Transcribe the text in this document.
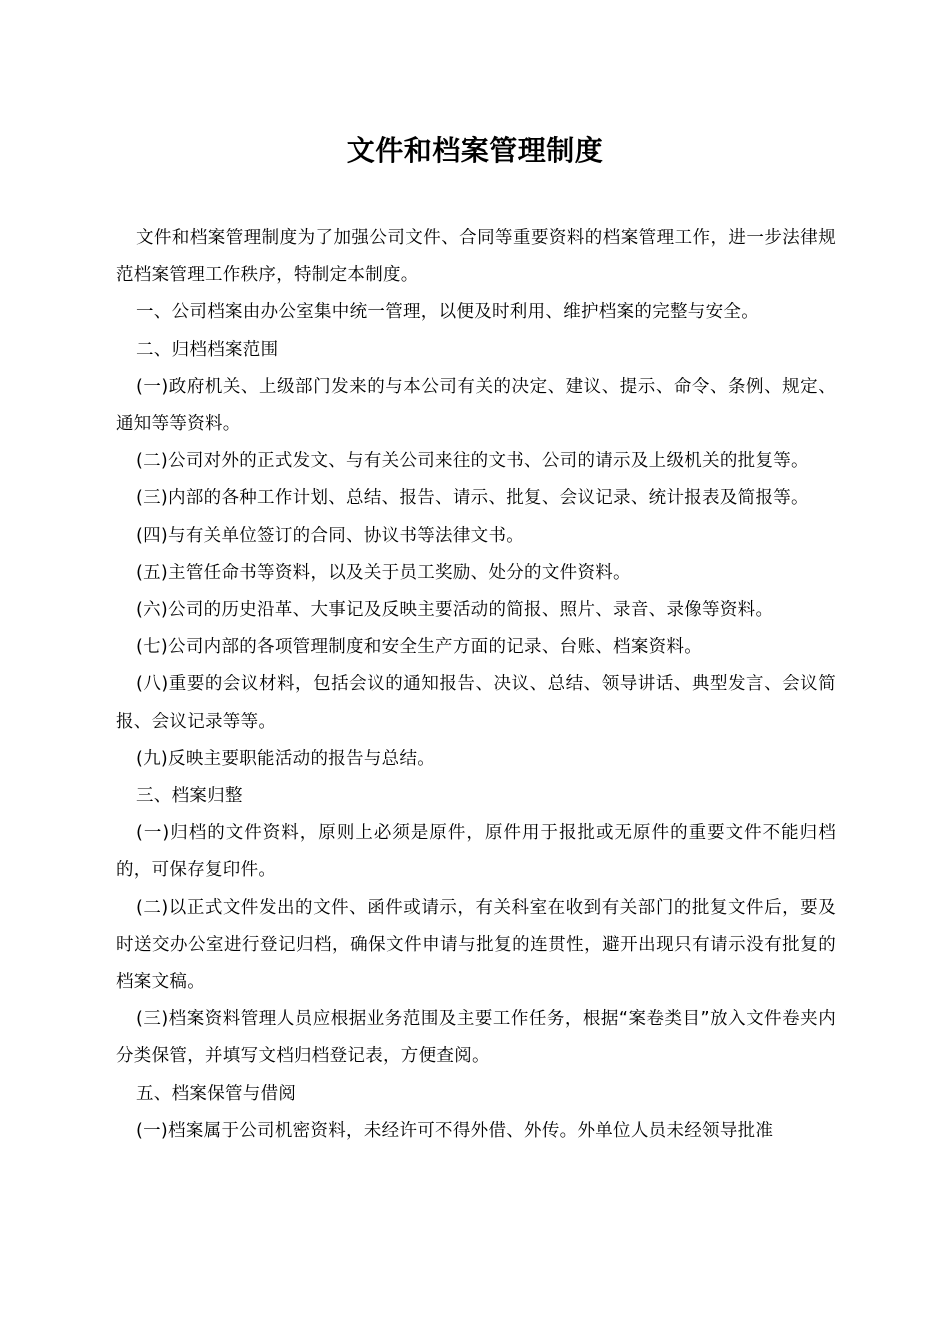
文件和档案管理制度

文件和档案管理制度为了加强公司文件、合同等重要资料的档案管理工作，进一步法律规范档案管理工作秩序，特制定本制度。

一、公司档案由办公室集中统一管理，以便及时利用、维护档案的完整与安全。

二、归档档案范围

(一)政府机关、上级部门发来的与本公司有关的决定、建议、提示、命令、条例、规定、通知等等资料。

(二)公司对外的正式发文、与有关公司来往的文书、公司的请示及上级机关的批复等。

(三)内部的各种工作计划、总结、报告、请示、批复、会议记录、统计报表及简报等。

(四)与有关单位签订的合同、协议书等法律文书。

(五)主管任命书等资料，以及关于员工奖励、处分的文件资料。

(六)公司的历史沿革、大事记及反映主要活动的简报、照片、录音、录像等资料。

(七)公司内部的各项管理制度和安全生产方面的记录、台账、档案资料。

(八)重要的会议材料，包括会议的通知报告、决议、总结、领导讲话、典型发言、会议简报、会议记录等等。

(九)反映主要职能活动的报告与总结。

三、档案归整

(一)归档的文件资料，原则上必须是原件，原件用于报批或无原件的重要文件不能归档的，可保存复印件。

(二)以正式文件发出的文件、函件或请示，有关科室在收到有关部门的批复文件后，要及时送交办公室进行登记归档，确保文件申请与批复的连贯性，避开出现只有请示没有批复的档案文稿。

(三)档案资料管理人员应根据业务范围及主要工作任务，根据“案卷类目”放入文件卷夹内分类保管，并填写文档归档登记表，方便查阅。

五、档案保管与借阅

(一)档案属于公司机密资料，未经许可不得外借、外传。外单位人员未经领导批准
